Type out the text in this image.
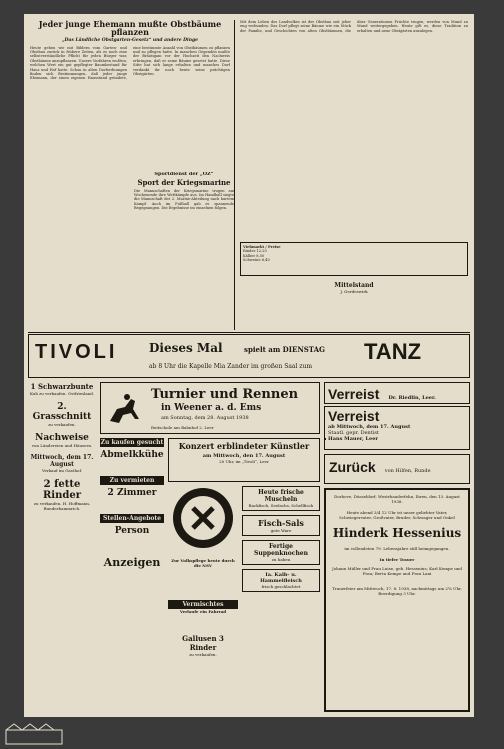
Jeder junge Ehemann mußte Obstbäume pflanzen
„Das Ländliche Obstgarten-Gesetz“ und andere Dinge
Heute gehen wir mit Bildern vom Garten- und Obstbau zurück in frühere Zeiten, als es noch eine selbstverständliche Pflicht für jeden Bürger war, Obstbäume anzupflanzen. Unsere Vorfahren wußten, welchen Wert ein gut gepflegter Baumbestand für Haus und Hof hatte. Schon in alten Dorfordnungen finden sich Bestimmungen, daß jeder junge Ehemann, der einen eigenen Hausstand gründete, eine bestimmte Anzahl von Obstbäumen zu pflanzen und zu pflegen hatte. In manchen Gegenden mußte der Bräutigam vor der Hochzeit den Nachweis erbringen, daß er seine Bäume gesetzt hatte. Diese Sitte hat sich lange erhalten und manches Dorf verdankt ihr noch heute seine prächtigen Obstgärten.
Mit dem Leben des Landvolkes ist der Obstbau seit jeher eng verbunden. Das Dorf pflegt seine Bäume wie ein Stück der Familie, und Geschichten von alten Obstbäumen, die über Generationen Früchte trugen, werden von Mund zu Mund weitergegeben. Heute gilt es, diese Tradition zu erhalten und neue Obstgärten anzulegen.
Sportdienst der „OZ“
Sport der Kriegsmarine
Die Mannschaften der Kriegsmarine trugen am Wochenende ihre Wettkämpfe aus. Im Handball siegte die Mannschaft der 2. Marine-Abteilung nach hartem Kampf. Auch im Fußball gab es spannende Begegnungen. Die Ergebnisse im einzelnen folgen.
Viehmarkt / Preise
Rinder 12,20
Kälber 8,50
Schweine 6,40
TIVOLI	Dieses Mal	spielt am DIENSTAG
ab 8 Uhr die Kapelle Mia Zander im großen Saal zum
TANZ
1 Schwarzbunte
Kuh zu verkaufen. Ostfriesland.
2. Grasschnitt
zu verkaufen.
Nachweise
von Ländereien und Häusern.
Mittwoch, dem 17. August
Verkauf im Gasthof.
2 fette Rinder
zu verkaufen. H. Hoffmann, Bunderhammrich.
Turnier und Rennen
in Weener a. d. Ems
am Sonntag, dem 28. August 1938
Reitschule am Bahnhof 2. Leer
Verreist Dr. Riedlin, Leer.
Verreist
ab Mittwoch, dem 17. August
Staatl. gepr. Dentist
Hans Mauer, Leer
Konzert erblindeter Künstler
am Mittwoch, den 17. August
20 Uhr, im „Tivoli“, Leer	Zurück von Hilfen, Runde
Zu kaufen gesucht
Abmelkkühe
Zu vermieten
2 Zimmer
Stellen-Angebote
Person
Anzeigen	Zur Volkspflege heute durch die NSV
Vermischtes
Verlaufe ein Fahrrad
Gallusen 3 Rinder
zu verkaufen.
Heute frische Muscheln
Backfisch, Seelachs, Schellfisch
Fisch-Sals
gute Ware
Fertige Suppenknochen
zu haben
Ia. Kalb- u. Hammelfleisch
frisch geschlachtet
Dorhove, Düsseldorf, Westrhauderfehn, Ihren, den 13. August 1938.
Heute abend 3/4 12 Uhr ist unser geliebter Vater, Schwiegervater, Großvater, Bruder, Schwager und Onkel
Hinderk Hessenius
im vollendeten 79. Lebensjahre still heimgegangen.
In tiefer Trauer
Johann Müller und Frau Luise, geb. Hessenius; Karl Kempe und Frau; Berta Kempe und Frau Lani
Trauerfeier am Mittwoch, 17. 8. 1938, nachmittags um 2¾ Uhr, Beerdigung 3 Uhr.
Mittelstand
J. Gerdeswirk
